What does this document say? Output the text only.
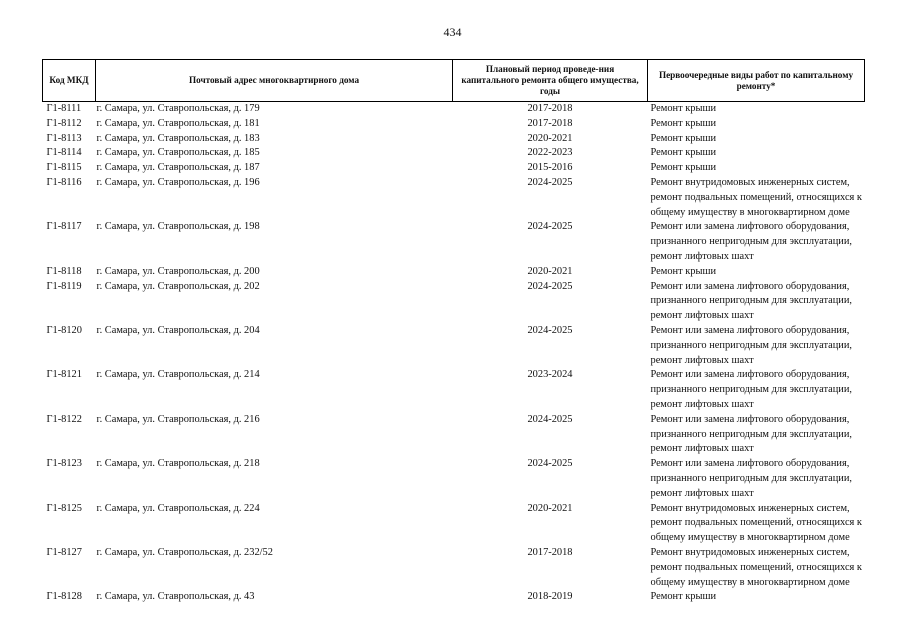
434
Код МКД	Почтовый адрес многоквартирного дома	Плановый период проведе-ния капитального ремонта общего имущества, годы	Первоочередные виды работ по капитальному ремонту*
Г1-8111	г. Самара, ул. Ставропольская, д. 179	2017-2018	Ремонт крыши

Г1-8112	г. Самара, ул. Ставропольская, д. 181	2017-2018	Ремонт крыши

Г1-8113	г. Самара, ул. Ставропольская, д. 183	2020-2021	Ремонт крыши

Г1-8114	г. Самара, ул. Ставропольская, д. 185	2022-2023	Ремонт крыши

Г1-8115	г. Самара, ул. Ставропольская, д. 187	2015-2016	Ремонт крыши

Г1-8116	г. Самара, ул. Ставропольская, д. 196	2024-2025	Ремонт внутридомовых инженерных систем,
ремонт подвальных помещений, относящихся к
общему имуществу в многоквартирном доме

Г1-8117	г. Самара, ул. Ставропольская, д. 198	2024-2025	Ремонт или замена лифтового оборудования,
признанного непригодным для эксплуатации,
ремонт лифтовых шахт

Г1-8118	г. Самара, ул. Ставропольская, д. 200	2020-2021	Ремонт крыши

Г1-8119	г. Самара, ул. Ставропольская, д. 202	2024-2025	Ремонт или замена лифтового оборудования,
признанного непригодным для эксплуатации,
ремонт лифтовых шахт

Г1-8120	г. Самара, ул. Ставропольская, д. 204	2024-2025	Ремонт или замена лифтового оборудования,
признанного непригодным для эксплуатации,
ремонт лифтовых шахт

Г1-8121	г. Самара, ул. Ставропольская, д. 214	2023-2024	Ремонт или замена лифтового оборудования,
признанного непригодным для эксплуатации,
ремонт лифтовых шахт

Г1-8122	г. Самара, ул. Ставропольская, д. 216	2024-2025	Ремонт или замена лифтового оборудования,
признанного непригодным для эксплуатации,
ремонт лифтовых шахт

Г1-8123	г. Самара, ул. Ставропольская, д. 218	2024-2025	Ремонт или замена лифтового оборудования,
признанного непригодным для эксплуатации,
ремонт лифтовых шахт

Г1-8125	г. Самара, ул. Ставропольская, д. 224	2020-2021	Ремонт внутридомовых инженерных систем,
ремонт подвальных помещений, относящихся к
общему имуществу в многоквартирном доме

Г1-8127	г. Самара, ул. Ставропольская, д. 232/52	2017-2018	Ремонт внутридомовых инженерных систем,
ремонт подвальных помещений, относящихся к
общему имуществу в многоквартирном доме

Г1-8128	г. Самара, ул. Ставропольская, д. 43	2018-2019	Ремонт крыши
